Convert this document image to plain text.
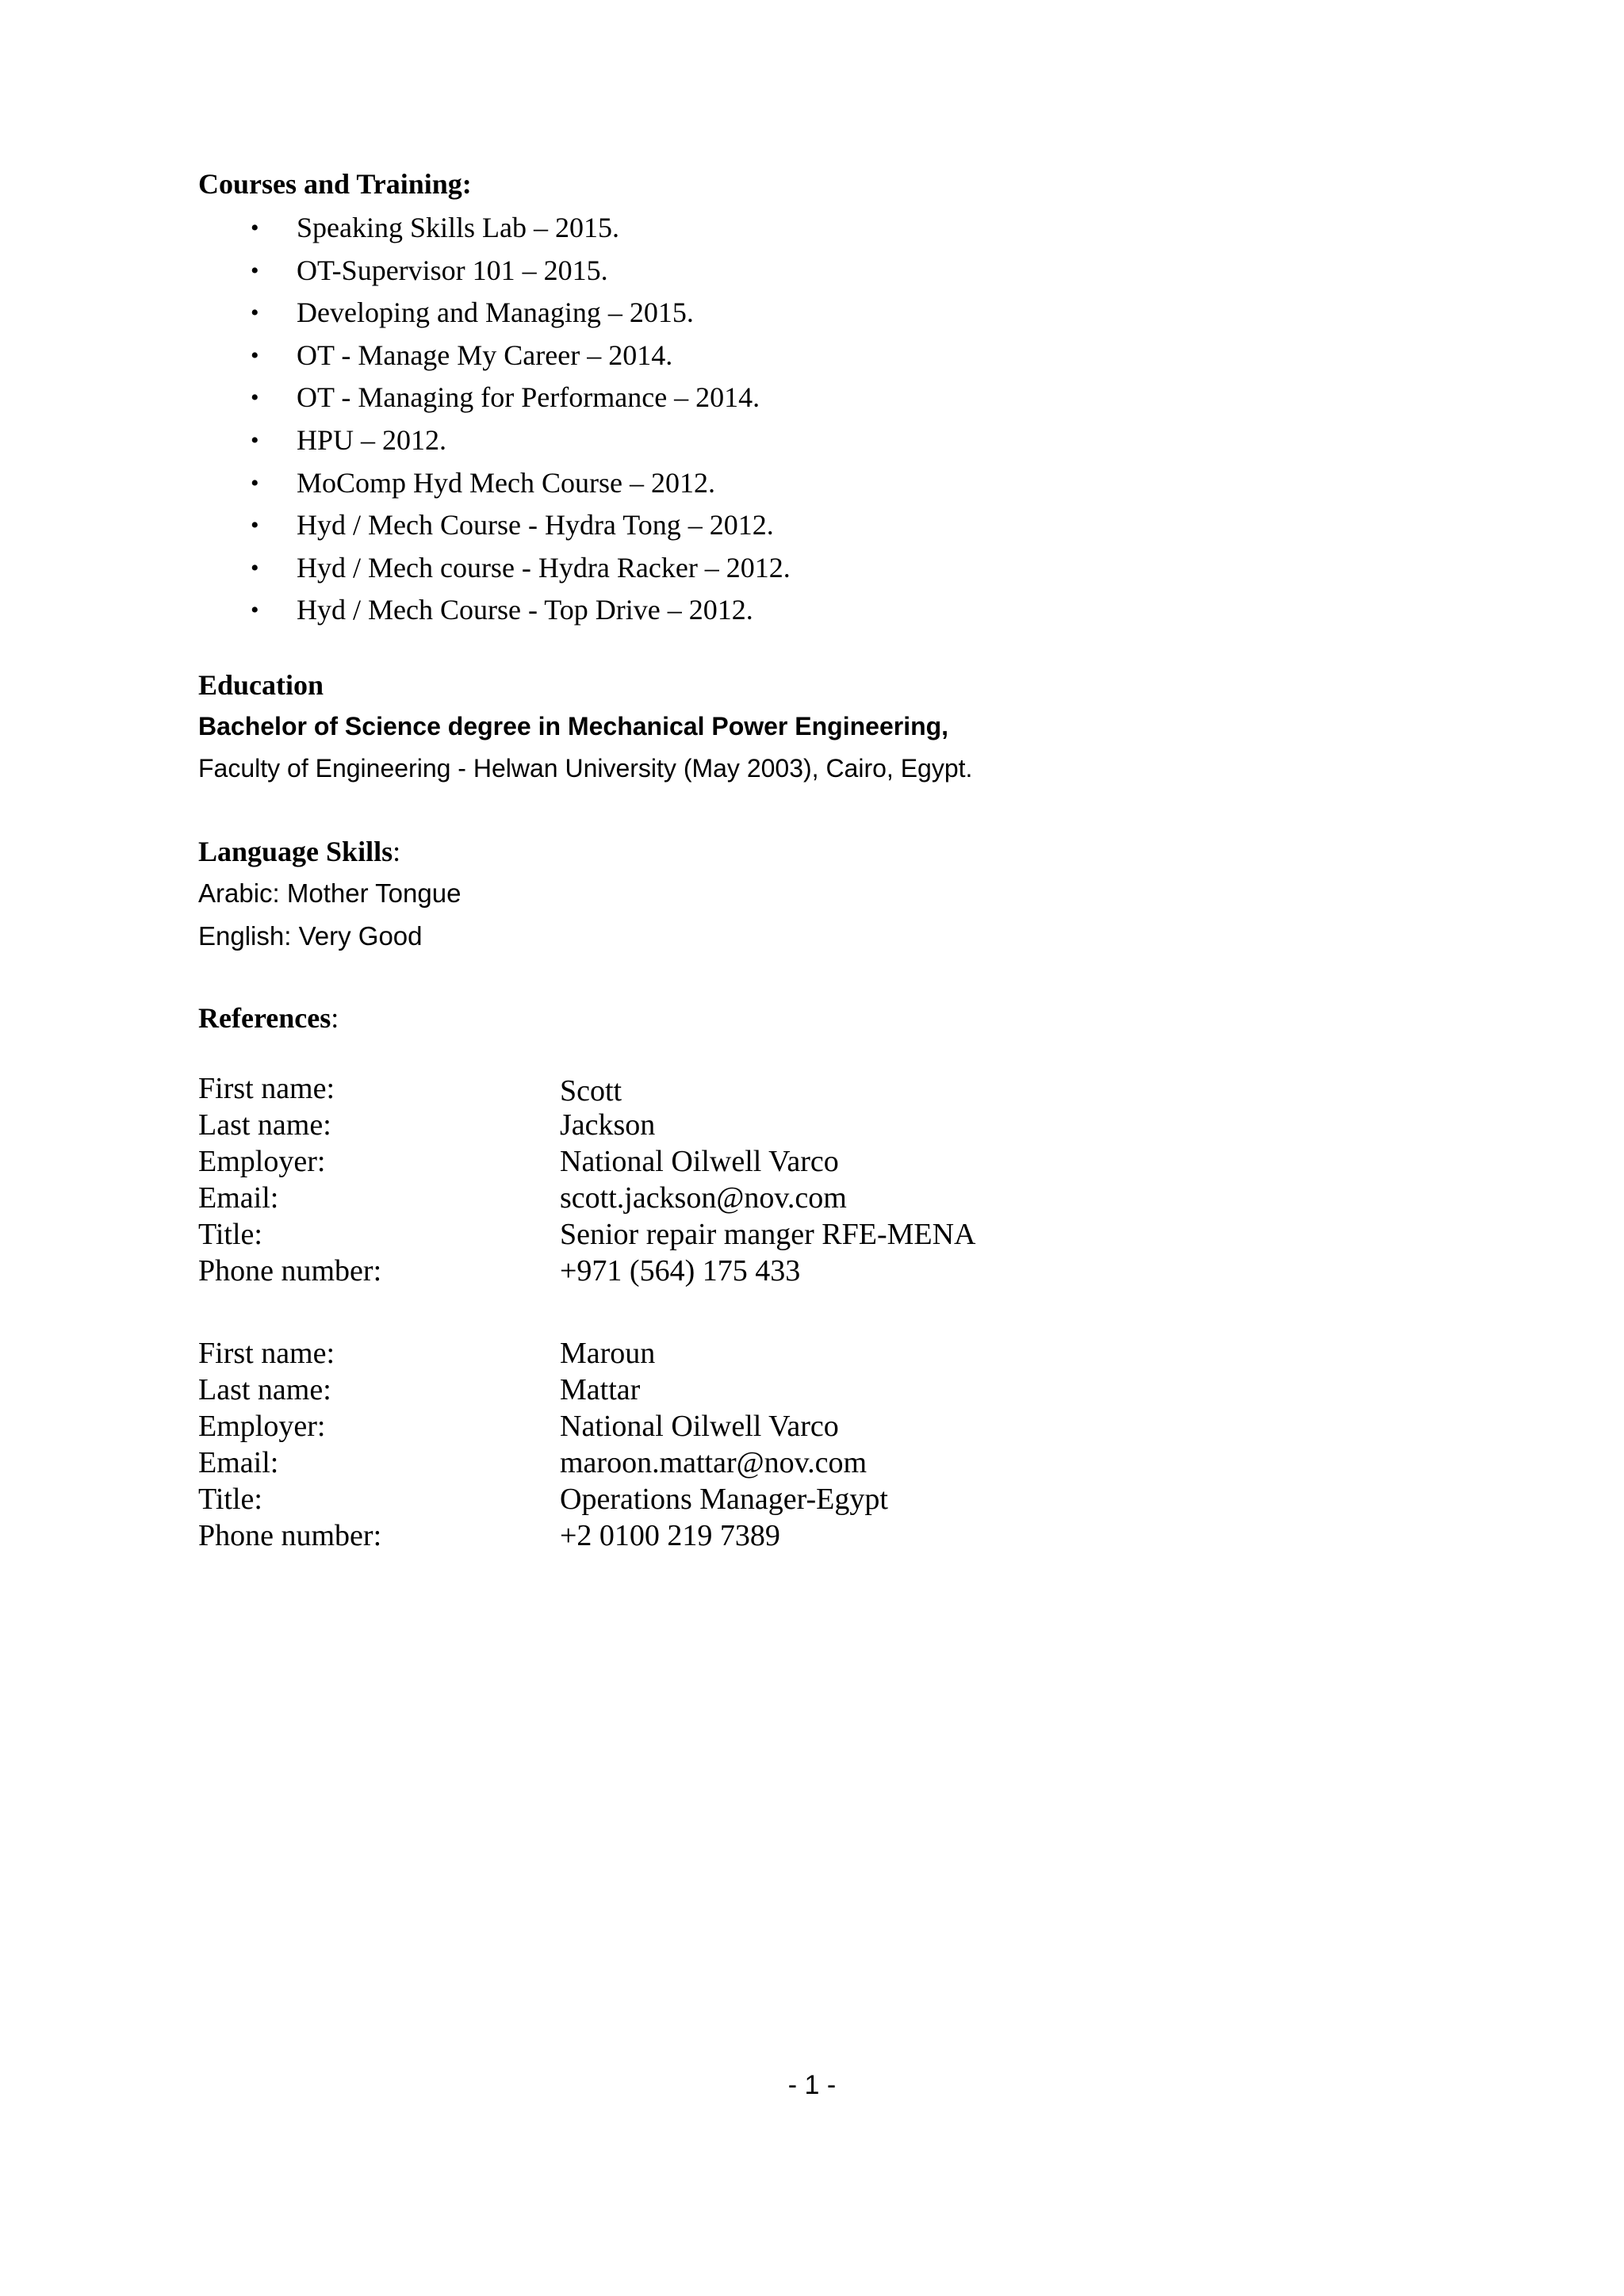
Courses and Training:
• Speaking Skills Lab – 2015.
• OT-Supervisor 101 – 2015.
• Developing and Managing – 2015.
• OT - Manage My Career – 2014.
• OT - Managing for Performance – 2014.
• HPU – 2012.
• MoComp Hyd Mech Course – 2012.
• Hyd / Mech Course - Hydra Tong – 2012.
• Hyd / Mech course - Hydra Racker – 2012.
• Hyd / Mech Course - Top Drive – 2012.
Education
Bachelor of Science degree in Mechanical Power Engineering,
Faculty of Engineering - Helwan University (May 2003), Cairo, Egypt.
Language Skills:
Arabic: Mother Tongue
English: Very Good
References:
First name:	Scott
Last name:	Jackson
Employer:	National Oilwell Varco
Email:	scott.jackson@nov.com
Title:	Senior repair manger RFE-MENA
Phone number:	+971 (564) 175 433
First name:	Maroun
Last name:	Mattar
Employer:	National Oilwell Varco
Email:	maroon.mattar@nov.com
Title:	Operations Manager-Egypt
Phone number:	+2 0100 219 7389
- 1 -
